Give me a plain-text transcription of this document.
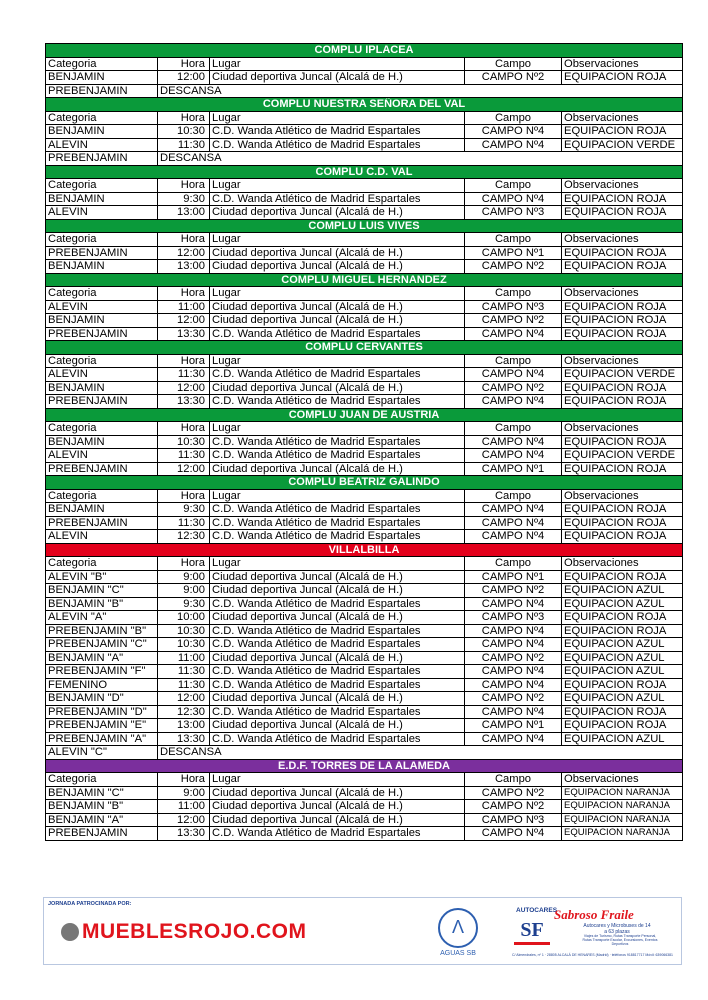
COMPLU IPLACEA				
Categoria	Hora	Lugar	Campo	Observaciones
BENJAMIN	12:00	Ciudad deportiva Juncal (Alcalá de H.)	CAMPO Nº2	EQUIPACION ROJA
PREBENJAMIN	DESCANSA			
COMPLU NUESTRA SEÑORA DEL VAL				
Categoria	Hora	Lugar	Campo	Observaciones
BENJAMIN	10:30	C.D. Wanda Atlético de Madrid Espartales	CAMPO Nº4	EQUIPACION ROJA
ALEVIN	11:30	C.D. Wanda Atlético de Madrid Espartales	CAMPO Nº4	EQUIPACION VERDE
PREBENJAMIN	DESCANSA			
COMPLU C.D. VAL				
Categoria	Hora	Lugar	Campo	Observaciones
BENJAMIN	9:30	C.D. Wanda Atlético de Madrid Espartales	CAMPO Nº4	EQUIPACION ROJA
ALEVIN	13:00	Ciudad deportiva Juncal (Alcalá de H.)	CAMPO Nº3	EQUIPACION ROJA
COMPLU LUIS VIVES				
Categoria	Hora	Lugar	Campo	Observaciones
PREBENJAMIN	12:00	Ciudad deportiva Juncal (Alcalá de H.)	CAMPO Nº1	EQUIPACION ROJA
BENJAMIN	13:00	Ciudad deportiva Juncal (Alcalá de H.)	CAMPO Nº2	EQUIPACION ROJA
COMPLU MIGUEL HERNANDEZ				
Categoria	Hora	Lugar	Campo	Observaciones
ALEVIN	11:00	Ciudad deportiva Juncal (Alcalá de H.)	CAMPO Nº3	EQUIPACION ROJA
BENJAMIN	12:00	Ciudad deportiva Juncal (Alcalá de H.)	CAMPO Nº2	EQUIPACION ROJA
PREBENJAMIN	13:30	C.D. Wanda Atlético de Madrid Espartales	CAMPO Nº4	EQUIPACION ROJA
COMPLU CERVANTES				
Categoria	Hora	Lugar	Campo	Observaciones
ALEVIN	11:30	C.D. Wanda Atlético de Madrid Espartales	CAMPO Nº4	EQUIPACION VERDE
BENJAMIN	12:00	Ciudad deportiva Juncal (Alcalá de H.)	CAMPO Nº2	EQUIPACION ROJA
PREBENJAMIN	13:30	C.D. Wanda Atlético de Madrid Espartales	CAMPO Nº4	EQUIPACION ROJA
COMPLU JUAN DE AUSTRIA				
Categoria	Hora	Lugar	Campo	Observaciones
BENJAMIN	10:30	C.D. Wanda Atlético de Madrid Espartales	CAMPO Nº4	EQUIPACION ROJA
ALEVIN	11:30	C.D. Wanda Atlético de Madrid Espartales	CAMPO Nº4	EQUIPACION VERDE
PREBENJAMIN	12:00	Ciudad deportiva Juncal (Alcalá de H.)	CAMPO Nº1	EQUIPACION ROJA
COMPLU BEATRIZ GALINDO				
Categoria	Hora	Lugar	Campo	Observaciones
BENJAMIN	9:30	C.D. Wanda Atlético de Madrid Espartales	CAMPO Nº4	EQUIPACION ROJA
PREBENJAMIN	11:30	C.D. Wanda Atlético de Madrid Espartales	CAMPO Nº4	EQUIPACION ROJA
ALEVIN	12:30	C.D. Wanda Atlético de Madrid Espartales	CAMPO Nº4	EQUIPACION ROJA
VILLALBILLA				
Categoria	Hora	Lugar	Campo	Observaciones
ALEVIN "B"	9:00	Ciudad deportiva Juncal (Alcalá de H.)	CAMPO Nº1	EQUIPACION ROJA
BENJAMIN "C"	9:00	Ciudad deportiva Juncal (Alcalá de H.)	CAMPO Nº2	EQUIPACION AZUL
BENJAMIN "B"	9:30	C.D. Wanda Atlético de Madrid Espartales	CAMPO Nº4	EQUIPACION AZUL
ALEVIN "A"	10:00	Ciudad deportiva Juncal (Alcalá de H.)	CAMPO Nº3	EQUIPACION ROJA
PREBENJAMIN "B"	10:30	C.D. Wanda Atlético de Madrid Espartales	CAMPO Nº4	EQUIPACION ROJA
PREBENJAMIN "C"	10:30	C.D. Wanda Atlético de Madrid Espartales	CAMPO Nº4	EQUIPACION AZUL
BENJAMIN "A"	11:00	Ciudad deportiva Juncal (Alcalá de H.)	CAMPO Nº2	EQUIPACION AZUL
PREBENJAMIN "F"	11:30	C.D. Wanda Atlético de Madrid Espartales	CAMPO Nº4	EQUIPACION AZUL
FEMENINO	11:30	C.D. Wanda Atlético de Madrid Espartales	CAMPO Nº4	EQUIPACION ROJA
BENJAMIN "D"	12:00	Ciudad deportiva Juncal (Alcalá de H.)	CAMPO Nº2	EQUIPACION AZUL
PREBENJAMIN "D"	12:30	C.D. Wanda Atlético de Madrid Espartales	CAMPO Nº4	EQUIPACION ROJA
PREBENJAMIN "E"	13:00	Ciudad deportiva Juncal (Alcalá de H.)	CAMPO Nº1	EQUIPACION ROJA
PREBENJAMIN "A"	13:30	C.D. Wanda Atlético de Madrid Espartales	CAMPO Nº4	EQUIPACION AZUL
ALEVIN "C"	DESCANSA			
E.D.F. TORRES DE LA ALAMEDA				
Categoria	Hora	Lugar	Campo	Observaciones
BENJAMIN "C"	9:00	Ciudad deportiva Juncal (Alcalá de H.)	CAMPO Nº2	EQUIPACION NARANJA
BENJAMIN "B"	11:00	Ciudad deportiva Juncal (Alcalá de H.)	CAMPO Nº2	EQUIPACION NARANJA
BENJAMIN "A"	12:00	Ciudad deportiva Juncal (Alcalá de H.)	CAMPO Nº3	EQUIPACION NARANJA
PREBENJAMIN	13:30	C.D. Wanda Atlético de Madrid Espartales	CAMPO Nº4	EQUIPACION NARANJA
JORNADA PATROCINADA POR:
MUEBLESROJO.COM
Λ
AGUAS SB
AUTOCARES
SF
Sabroso Fraile
Autocares y Microbuses de 14 a 63 plazas
Viajes de Turismo, Rutas Transporte Personal, Rutas Transporte Escolar, Excursiones, Eventos Deportivos
C/ Almendrales, nº 1 · 28805 ALCALÁ DE HENARES (Madrid) · teléfonos 918817717 Móvil: 639066381
